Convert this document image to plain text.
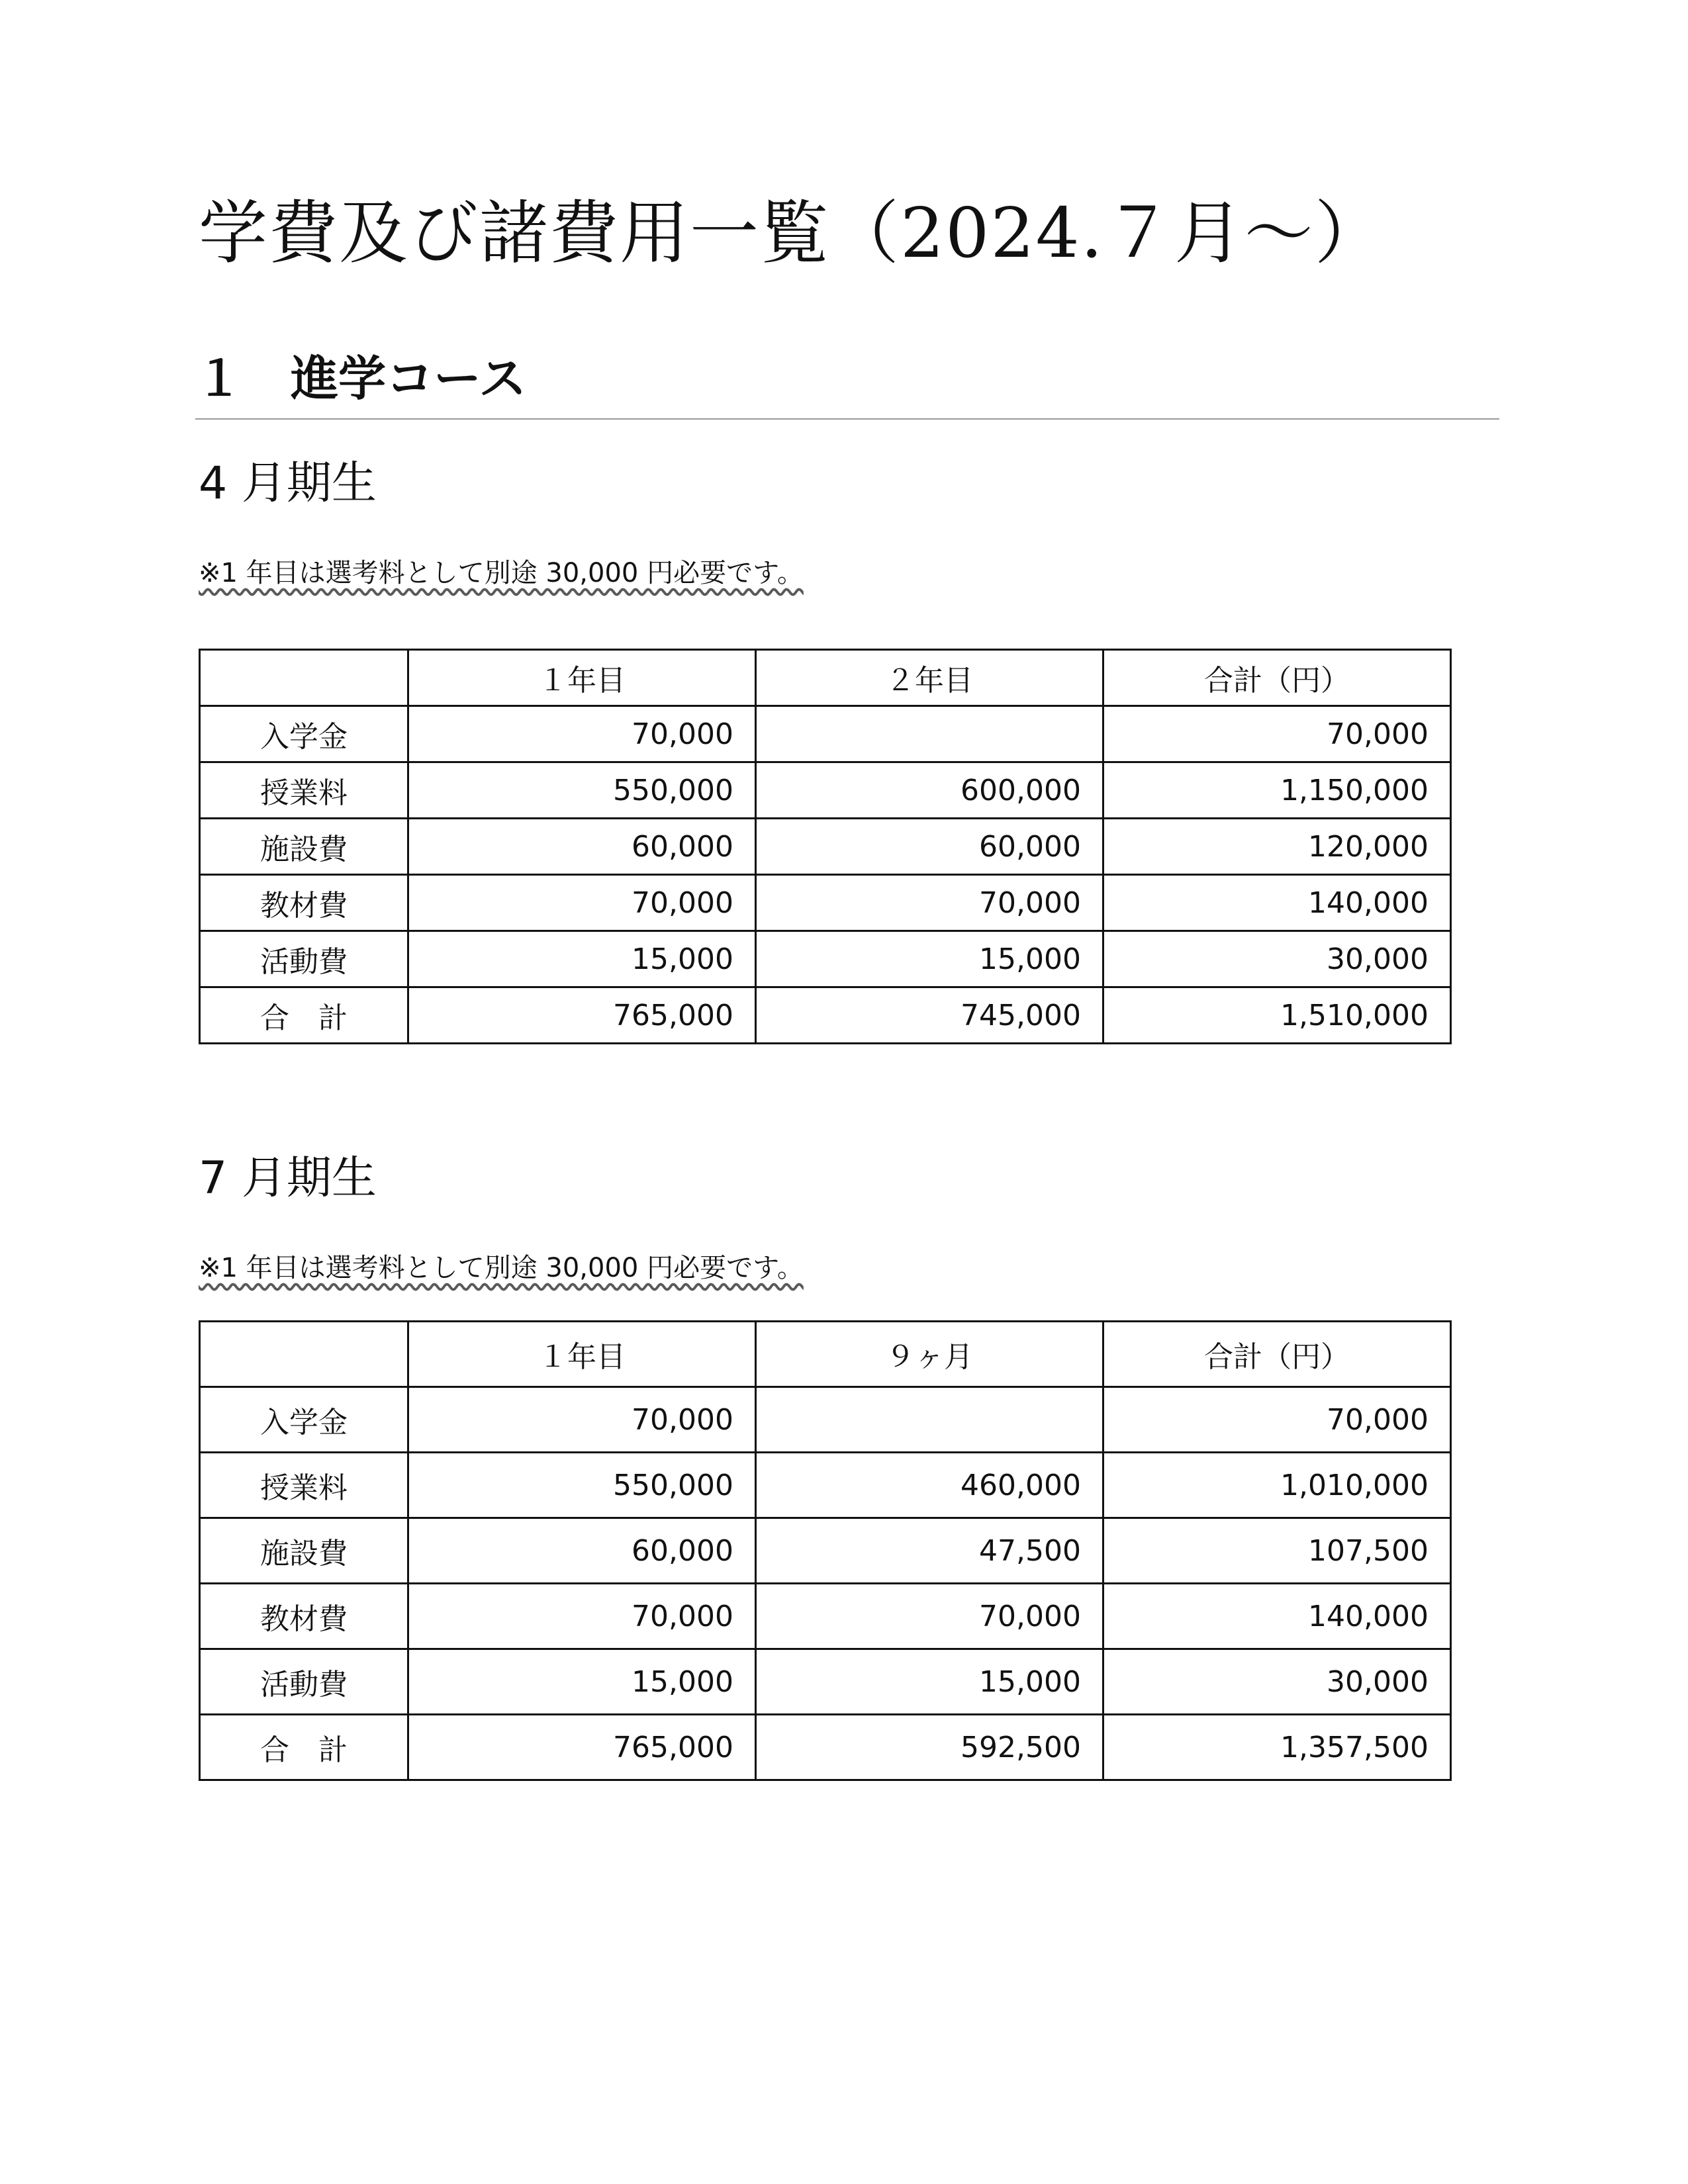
学費及び諸費用一覧（2024.７月～）
１　進学コース
4 月期生
※1 年目は選考料として別途 30,000 円必要です。
	１年目	２年目	合計（円）
入学金	70,000		70,000
授業料	550,000	600,000	1,150,000
施設費	60,000	60,000	120,000
教材費	70,000	70,000	140,000
活動費	15,000	15,000	30,000
合　計	765,000	745,000	1,510,000
7 月期生
※1 年目は選考料として別途 30,000 円必要です。
	１年目	９ヶ月	合計（円）
入学金	70,000		70,000
授業料	550,000	460,000	1,010,000
施設費	60,000	47,500	107,500
教材費	70,000	70,000	140,000
活動費	15,000	15,000	30,000
合　計	765,000	592,500	1,357,500
